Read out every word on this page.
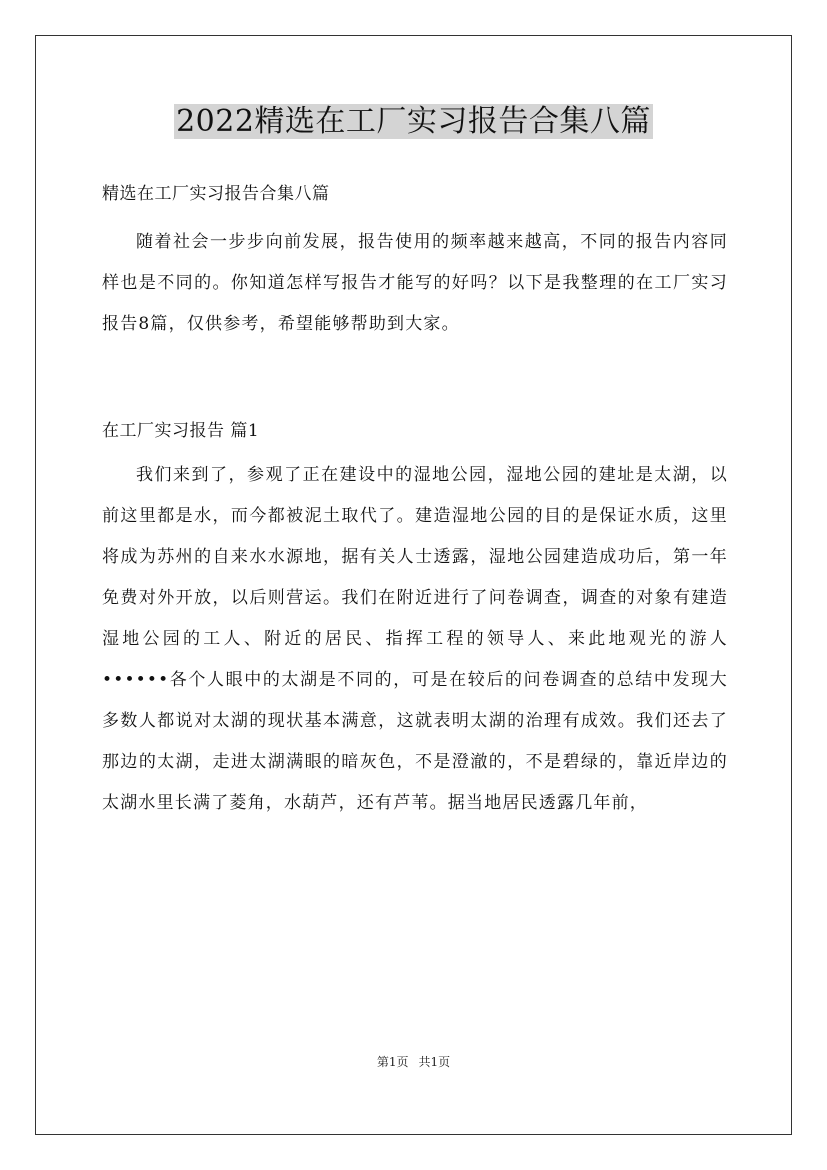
2022精选在工厂实习报告合集八篇

精选在工厂实习报告合集八篇

随着社会一步步向前发展，报告使用的频率越来越高，不同的报告内容同样也是不同的。你知道怎样写报告才能写的好吗？以下是我整理的在工厂实习报告8篇，仅供参考，希望能够帮助到大家。

在工厂实习报告 篇1

我们来到了，参观了正在建设中的湿地公园，湿地公园的建址是太湖，以前这里都是水，而今都被泥土取代了。建造湿地公园的目的是保证水质，这里将成为苏州的自来水水源地，据有关人士透露，湿地公园建造成功后，第一年免费对外开放，以后则营运。我们在附近进行了问卷调查，调查的对象有建造湿地公园的工人、附近的居民、指挥工程的领导人、来此地观光的游人••••••各个人眼中的太湖是不同的，可是在较后的问卷调查的总结中发现大多数人都说对太湖的现状基本满意，这就表明太湖的治理有成效。我们还去了那边的太湖，走进太湖满眼的暗灰色，不是澄澈的，不是碧绿的，靠近岸边的太湖水里长满了菱角，水葫芦，还有芦苇。据当地居民透露几年前，

第1页 共1页
